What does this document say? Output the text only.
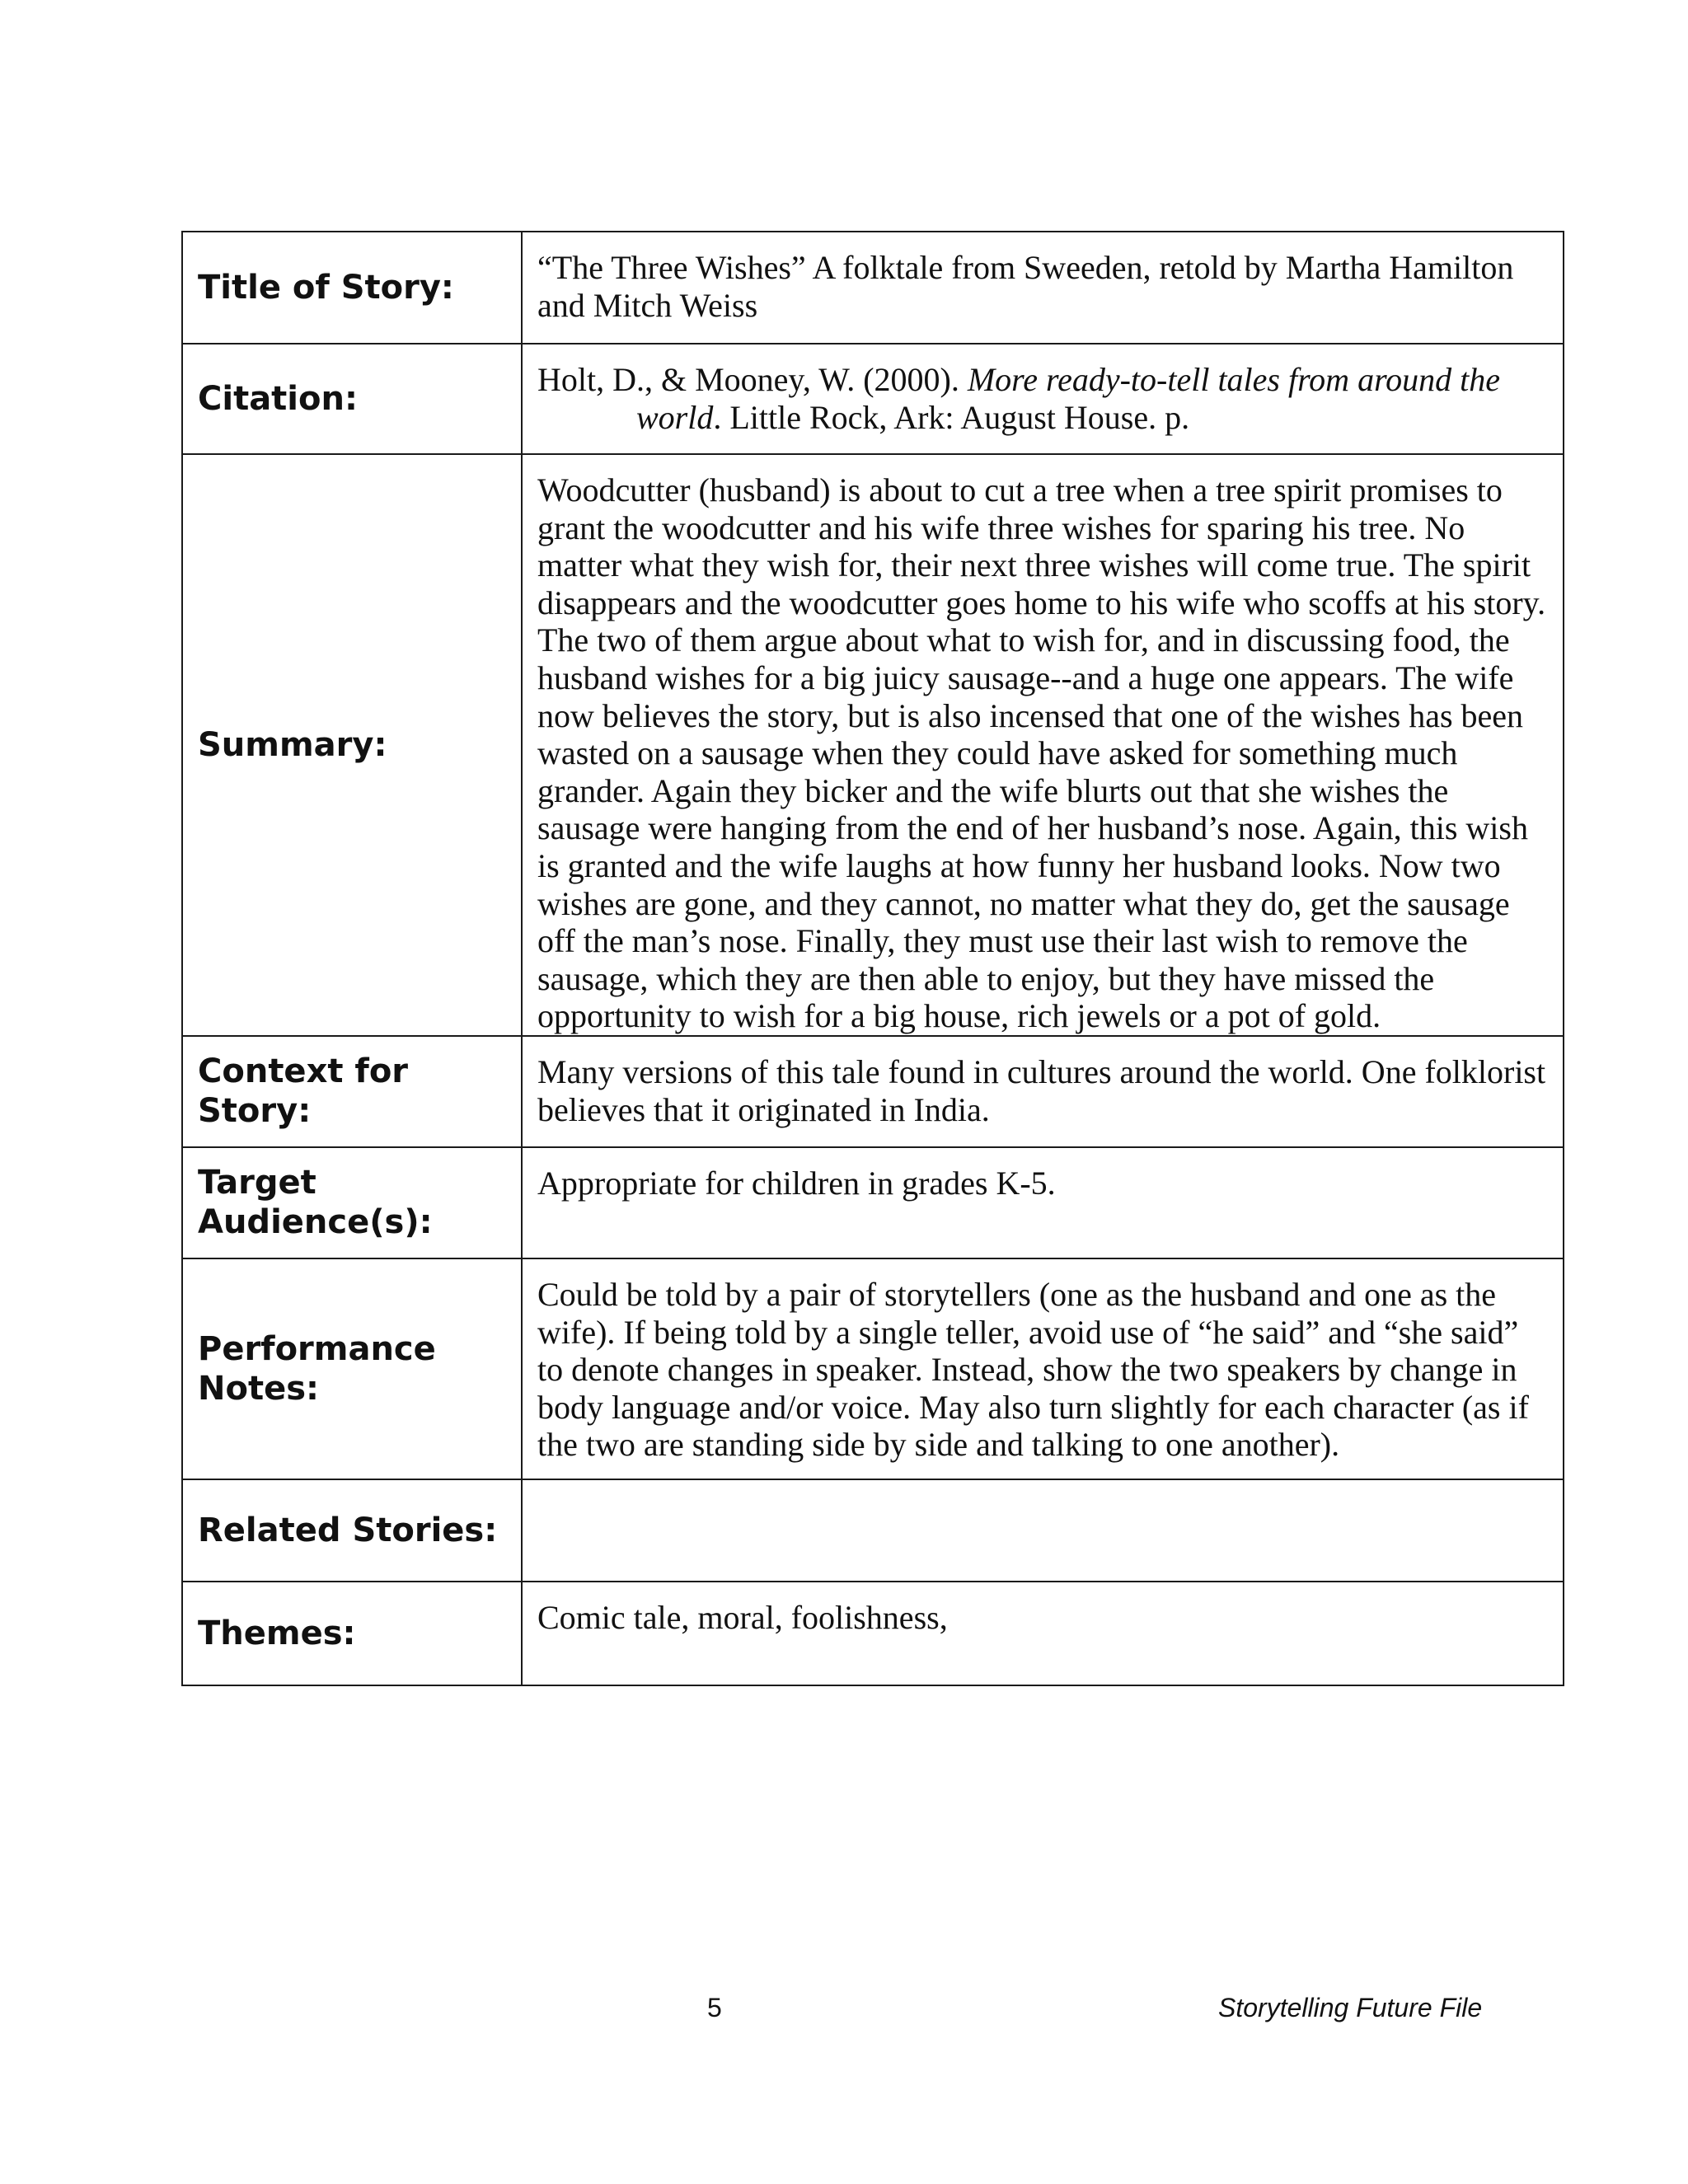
Title of Story:	“The Three Wishes” A folktale from Sweeden, retold by Martha Hamilton and Mitch Weiss

Citation:	Holt, D., & Mooney, W. (2000). More ready-to-tell tales from around the world. Little Rock, Ark: August House. p.

Summary:	Woodcutter (husband) is about to cut a tree when a tree spirit promises to grant the woodcutter and his wife three wishes for sparing his tree. No matter what they wish for, their next three wishes will come true. The spirit disappears and the woodcutter goes home to his wife who scoffs at his story. The two of them argue about what to wish for, and in discussing food, the husband wishes for a big juicy sausage--and a huge one appears. The wife now believes the story, but is also incensed that one of the wishes has been wasted on a sausage when they could have asked for something much grander. Again they bicker and the wife blurts out that she wishes the sausage were hanging from the end of her husband’s nose. Again, this wish is granted and the wife laughs at how funny her husband looks. Now two wishes are gone, and they cannot, no matter what they do, get the sausage off the man’s nose. Finally, they must use their last wish to remove the sausage, which they are then able to enjoy, but they have missed the opportunity to wish for a big house, rich jewels or a pot of gold.

Context for Story:	Many versions of this tale found in cultures around the world. One folklorist believes that it originated in India.

Target Audience(s):	Appropriate for children in grades K-5.

Performance Notes:	Could be told by a pair of storytellers (one as the husband and one as the wife). If being told by a single teller, avoid use of “he said” and “she said” to denote changes in speaker. Instead, show the two speakers by change in body language and/or voice. May also turn slightly for each character (as if the two are standing side by side and talking to one another).

Related Stories:	

Themes:	Comic tale, moral, foolishness,

5	Storytelling Future File
